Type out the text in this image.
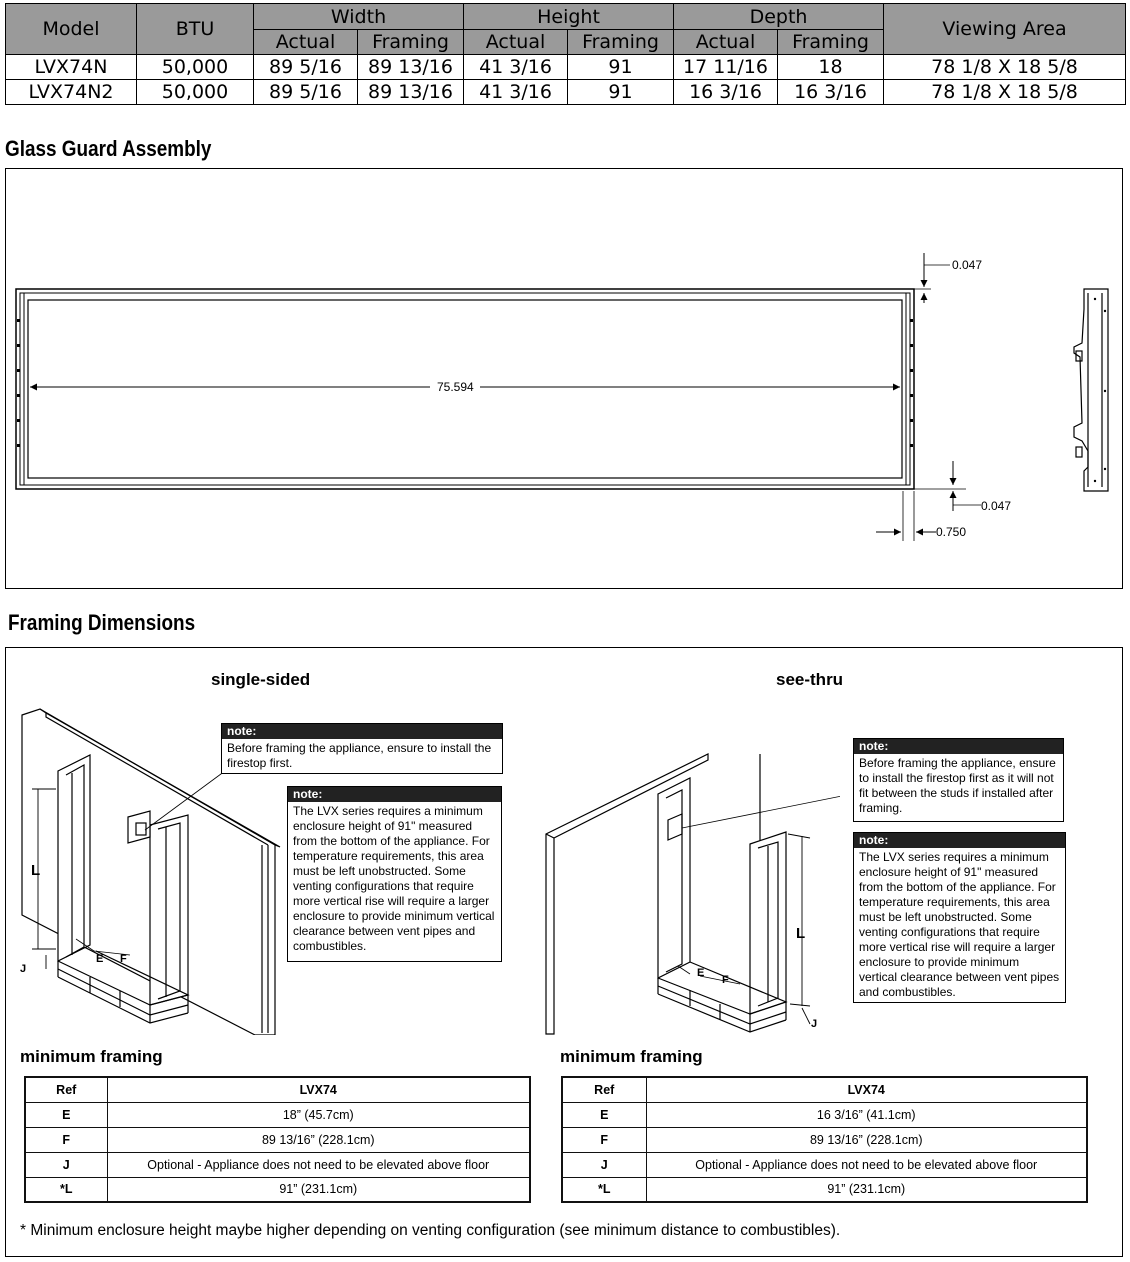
Model	BTU	Width		Height		Depth		Viewing Area
		Actual	Framing	Actual	Framing	Actual	Framing	
LVX74N	50,000	89 5/16	89 13/16	41 3/16	91	17 11/16	18	78 1/8 X 18 5/8
LVX74N2	50,000	89 5/16	89 13/16	41 3/16	91	16 3/16	16 3/16	78 1/8 X 18 5/8
Glass Guard Assembly
75.594
0.047
0.047
0.750
Framing Dimensions
single-sided	see-thru
L
J
E F
note:
Before framing the appliance, ensure to install the firestop first.
note:
The LVX series requires a minimum enclosure height of 91" measured from the bottom of the appliance. For temperature requirements, this area must be left unobstructed. Some venting configurations that require more vertical rise will require a larger enclosure to provide minimum vertical clearance between vent pipes and combustibles.
L
J
E
F
note:
Before framing the appliance, ensure to install the firestop first as it will not fit between the studs if installed after framing.
note:
The LVX series requires a minimum enclosure height of 91" measured from the bottom of the appliance. For temperature requirements, this area must be left unobstructed. Some venting configurations that require more vertical rise will require a larger enclosure to provide minimum vertical clearance between vent pipes and combustibles.
minimum framing
Ref	LVX74
E	18” (45.7cm)
F	89 13/16” (228.1cm)
J	Optional - Appliance does not need to be elevated above floor
*L	91” (231.1cm)
minimum framing
Ref	LVX74
E	16 3/16” (41.1cm)
F	89 13/16” (228.1cm)
J	Optional - Appliance does not need to be elevated above floor
*L	91” (231.1cm)
* Minimum enclosure height maybe higher depending on venting configuration (see minimum distance to combustibles).
